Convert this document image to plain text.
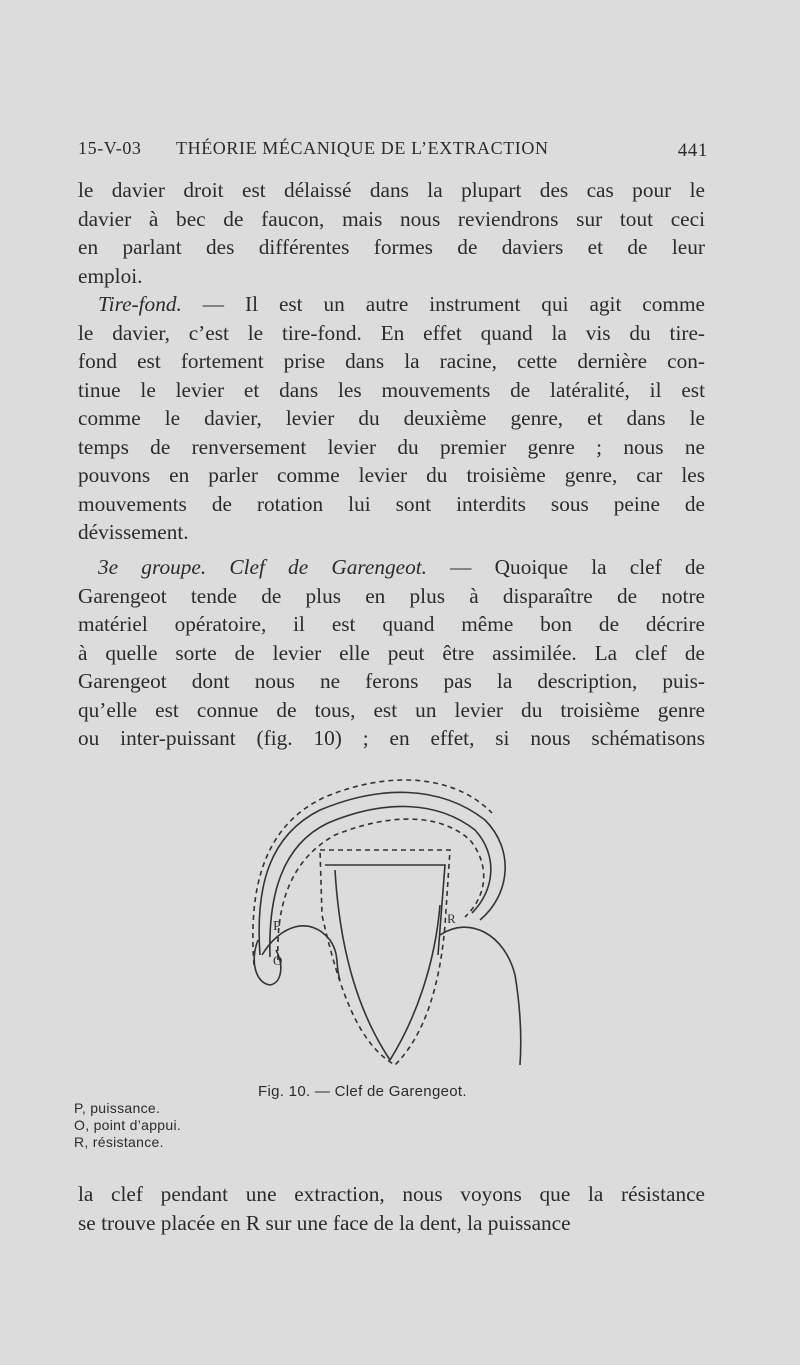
15-V-03 THÉORIE MÉCANIQUE DE L’EXTRACTION	441

le davier droit est délaissé dans la plupart des cas pour le
davier à bec de faucon, mais nous reviendrons sur tout ceci
en parlant des différentes formes de daviers et de leur
emploi.

Tire-fond. — Il est un autre instrument qui agit comme
le davier, c’est le tire-fond. En effet quand la vis du tire-
fond est fortement prise dans la racine, cette dernière con-
tinue le levier et dans les mouvements de latéralité, il est
comme le davier, levier du deuxième genre, et dans le
temps de renversement levier du premier genre ; nous ne
pouvons en parler comme levier du troisième genre, car les
mouvements de rotation lui sont interdits sous peine de
dévissement.

3e groupe. Clef de Garengeot. — Quoique la clef de
Garengeot tende de plus en plus à disparaître de notre
matériel opératoire, il est quand même bon de décrire
à quelle sorte de levier elle peut être assimilée. La clef de
Garengeot dont nous ne ferons pas la description, puis-
qu’elle est connue de tous, est un levier du troisième genre
ou inter-puissant (fig. 10) ; en effet, si nous schématisons

P
O
R
Fig. 10. — Clef de Garengeot.
P, puissance.
O, point d’appui.
R, résistance.

la clef pendant une extraction, nous voyons que la résistance
se trouve placée en R sur une face de la dent, la puissance
